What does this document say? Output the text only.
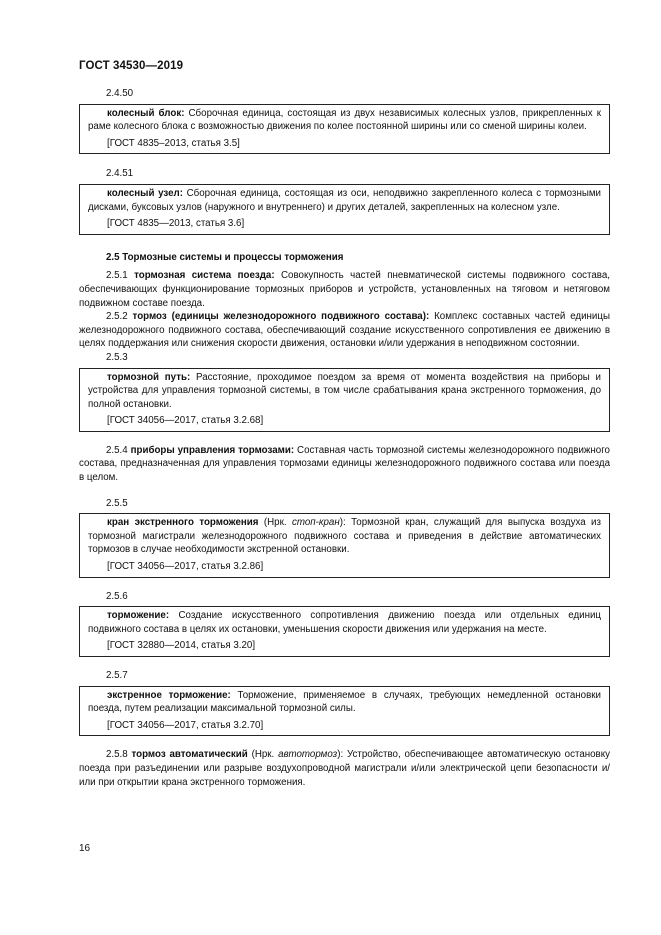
ГОСТ 34530—2019
2.4.50
колесный блок: Сборочная единица, состоящая из двух независимых колесных узлов, прикрепленных к раме колесного блока с возможностью движения по колее постоянной ширины или со сменой ширины колеи.
[ГОСТ 4835–2013, статья 3.5]
2.4.51
колесный узел: Сборочная единица, состоящая из оси, неподвижно закрепленного колеса с тормозными дисками, буксовых узлов (наружного и внутреннего) и других деталей, закрепленных на колесном узле.
[ГОСТ 4835—2013, статья 3.6]
2.5 Тормозные системы и процессы торможения

2.5.1 тормозная система поезда: Совокупность частей пневматической системы подвижного состава, обеспечивающих функционирование тормозных приборов и устройств, установленных на тяговом и нетяговом подвижном составе поезда.

2.5.2 тормоз (единицы железнодорожного подвижного состава): Комплекс составных частей единицы железнодорожного подвижного состава, обеспечивающий создание искусственного сопротивления ее движению в целях поддержания или снижения скорости движения, остановки и/или удержания в неподвижном состоянии.

2.5.3
тормозной путь: Расстояние, проходимое поездом за время от момента воздействия на приборы и устройства для управления тормозной системы, в том числе срабатывания крана экстренного торможения, до полной остановки.
[ГОСТ 34056—2017, статья 3.2.68]

2.5.4 приборы управления тормозами: Составная часть тормозной системы железнодорожного подвижного состава, предназначенная для управления тормозами единицы железнодорожного подвижного состава или поезда в целом.

2.5.5
кран экстренного торможения (Нрк. стоп-кран): Тормозной кран, служащий для выпуска воздуха из тормозной магистрали железнодорожного подвижного состава и приведения в действие автоматических тормозов в случае необходимости экстренной остановки.
[ГОСТ 34056—2017, статья 3.2.86]
2.5.6
торможение: Создание искусственного сопротивления движению поезда или отдельных единиц подвижного состава в целях их остановки, уменьшения скорости движения или удержания на месте.
[ГОСТ 32880—2014, статья 3.20]
2.5.7
экстренное торможение: Торможение, применяемое в случаях, требующих немедленной остановки поезда, путем реализации максимальной тормозной силы.
[ГОСТ 34056—2017, статья 3.2.70]

2.5.8 тормоз автоматический (Нрк. автотормоз): Устройство, обеспечивающее автоматическую остановку поезда при разъединении или разрыве воздухопроводной магистрали и/или электрической цепи безопасности и/или при открытии крана экстренного торможения.

16
